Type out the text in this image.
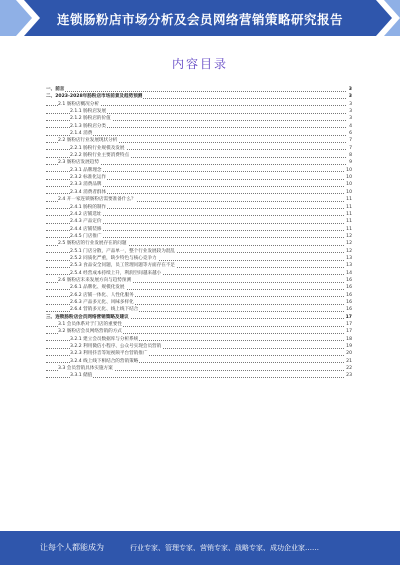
连锁肠粉店市场分析及会员网络营销策略研究报告
内容目录
一、前言	3
二、2023-2028年肠粉店市场前景及趋势预测	3
2.1 肠粉店概况分析	3
2.1.1 肠粉店发展	3
2.1.2 肠粉店的价值	3
2.1.3 肠粉店分类	4
2.1.4 消费	6
2.2 肠粉店行业发展现状分析	7
2.2.1 肠粉行业规模及发展	7
2.2.2 肠粉行业主要消费特点	8
2.3 肠粉店发展趋势	9
2.3.1 品牌理念	10
2.3.2 标准化运作	10
2.3.3 消费品牌	10
2.3.4 消费者群体	10
2.4 开一家连锁肠粉店需要准备什么？	11
2.4.1 肠粉的制作	11
2.4.2 店铺选址	11
2.4.3 产品定价	11
2.4.4 店铺装修	11
2.4.5 门店推广	12
2.5 肠粉店的行业发展存在的问题	12
2.5.1 门店分散，产品单一，整个行业发展较为混乱	12
2.5.2 同质化严重，缺少特色与核心竞争力	13
2.5.3 食品安全问题，员工管理问题等方面存在不足	13
2.5.4 经营成本持续上升，利润空间越来越小	14
2.6 肠粉店未来发展方向与趋势预测	16
2.6.1 品牌化、规模化发展	16
2.6.2 店铺一体化、人性化服务	16
2.6.3 产品多元化、风味多样化	16
2.6.4 营销多元化、线上线下结合	16
三、连锁肠粉店会员网络营销策略及建议	17
3.1 会员体系对于门店的重要性	17
3.2 肠粉店会员网络营销的方式	17
3.2.1 建立会员数据库与分析系统	18
3.2.2 利用微信小程序、公众号实现会员营销	19
3.2.3 利用抖音等短视频平台营销推广	20
3.2.4 线上线下相结合的营销策略	21
3.3 会员营销具体实施方案	22
3.3.1 储值	23
让每个人都能成为	行业专家、管理专家、营销专家、战略专家、成功企业家……
